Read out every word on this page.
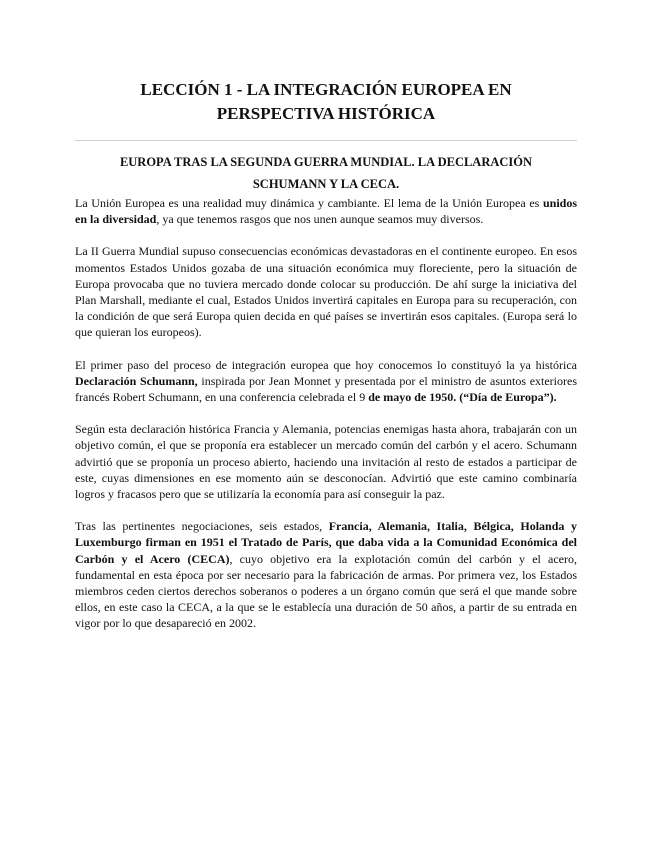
LECCIÓN 1 - LA INTEGRACIÓN EUROPEA EN
PERSPECTIVA HISTÓRICA
EUROPA TRAS LA SEGUNDA GUERRA MUNDIAL. LA DECLARACIÓN
SCHUMANN Y LA CECA.

La Unión Europea es una realidad muy dinámica y cambiante. El lema de la Unión Europea es unidos en la diversidad, ya que tenemos rasgos que nos unen aunque seamos muy diversos.

La II Guerra Mundial supuso consecuencias económicas devastadoras en el continente europeo. En esos momentos Estados Unidos gozaba de una situación económica muy floreciente, pero la situación de Europa provocaba que no tuviera mercado donde colocar su producción. De ahí surge la iniciativa del Plan Marshall, mediante el cual, Estados Unidos invertirá capitales en Europa para su recuperación, con la condición de que será Europa quien decida en qué países se invertirán esos capitales. (Europa será lo que quieran los europeos).

El primer paso del proceso de integración europea que hoy conocemos lo constituyó la ya histórica Declaración Schumann, inspirada por Jean Monnet y presentada por el ministro de asuntos exteriores francés Robert Schumann, en una conferencia celebrada el 9 de mayo de 1950. (“Día de Europa”).

Según esta declaración histórica Francia y Alemania, potencias enemigas hasta ahora, trabajarán con un objetivo común, el que se proponía era establecer un mercado común del carbón y el acero. Schumann advirtió que se proponía un proceso abierto, haciendo una invitación al resto de estados a participar de este, cuyas dimensiones en ese momento aún se desconocían. Advirtió que este camino combinaría logros y fracasos pero que se utilizaría la economía para así conseguir la paz.

Tras las pertinentes negociaciones, seis estados, Francia, Alemania, Italia, Bélgica, Holanda y Luxemburgo firman en 1951 el Tratado de París, que daba vida a la Comunidad Económica del Carbón y el Acero (CECA), cuyo objetivo era la explotación común del carbón y el acero, fundamental en esta época por ser necesario para la fabricación de armas. Por primera vez, los Estados miembros ceden ciertos derechos soberanos o poderes a un órgano común que será el que mande sobre ellos, en este caso la CECA, a la que se le establecía una duración de 50 años, a partir de su entrada en vigor por lo que desapareció en 2002.
